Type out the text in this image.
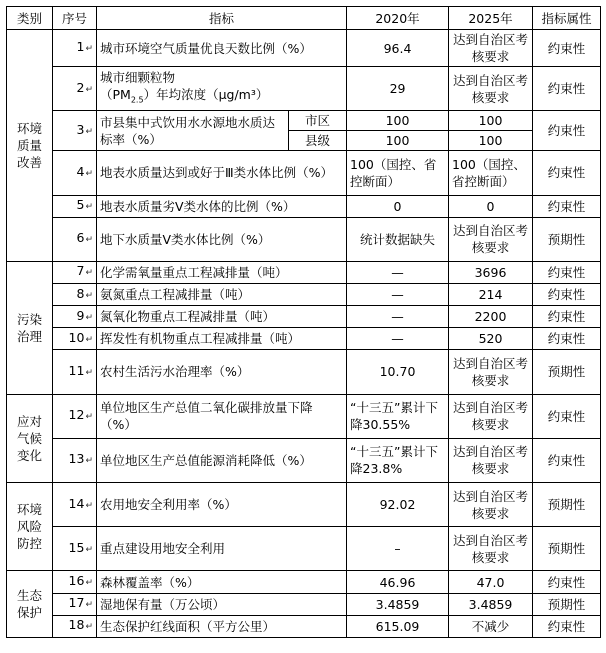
类别	序号	指标		2020年	2025年	指标属性
环境
质量
改善	1↵	城市环境空气质量优良天数比例（%）		96.4	达到自治区考核要求	约束性
	2↵	城市细颗粒物$(PM_{2.5})$年均浓度（μg/m³）		29	达到自治区考核要求	约束性
	3↵	市县集中式饮用水水源地水质达标率（%）	市区	100	100	约束性
			县级	100	100	
	4↵	地表水质量达到或好于Ⅲ类水体比例（%）		100（国控、省控断面）	100（国控、省控断面）	约束性
	5↵	地表水质量劣Ⅴ类水体的比例（%）		0	0	约束性
	6↵	地下水质量Ⅴ类水体比例（%）		统计数据缺失	达到自治区考核要求	预期性
污染
治理	7↵	化学需氧量重点工程减排量（吨）		—	3696	约束性
	8↵	氨氮重点工程减排量（吨）		—	214	约束性
	9↵	氮氧化物重点工程减排量（吨）		—	2200	约束性
	10↵	挥发性有机物重点工程减排量（吨）		—	520	约束性
	11↵	农村生活污水治理率（%）		10.70	达到自治区考核要求	预期性
应对
气候
变化	12↵	单位地区生产总值二氧化碳排放量下降（%）		“十三五”累计下降30.55%	达到自治区考核要求	约束性
	13↵	单位地区生产总值能源消耗降低（%）		“十三五”累计下降23.8%	达到自治区考核要求	约束性
环境
风险
防控	14↵	农用地安全利用率（%）		92.02	达到自治区考核要求	预期性
	15↵	重点建设用地安全利用		–	达到自治区考核要求	预期性
生态
保护	16↵	森林覆盖率（%）		46.96	47.0	约束性
	17↵	湿地保有量（万公顷）		3.4859	3.4859	预期性
	18↵	生态保护红线面积（平方公里）		615.09	不减少	约束性
